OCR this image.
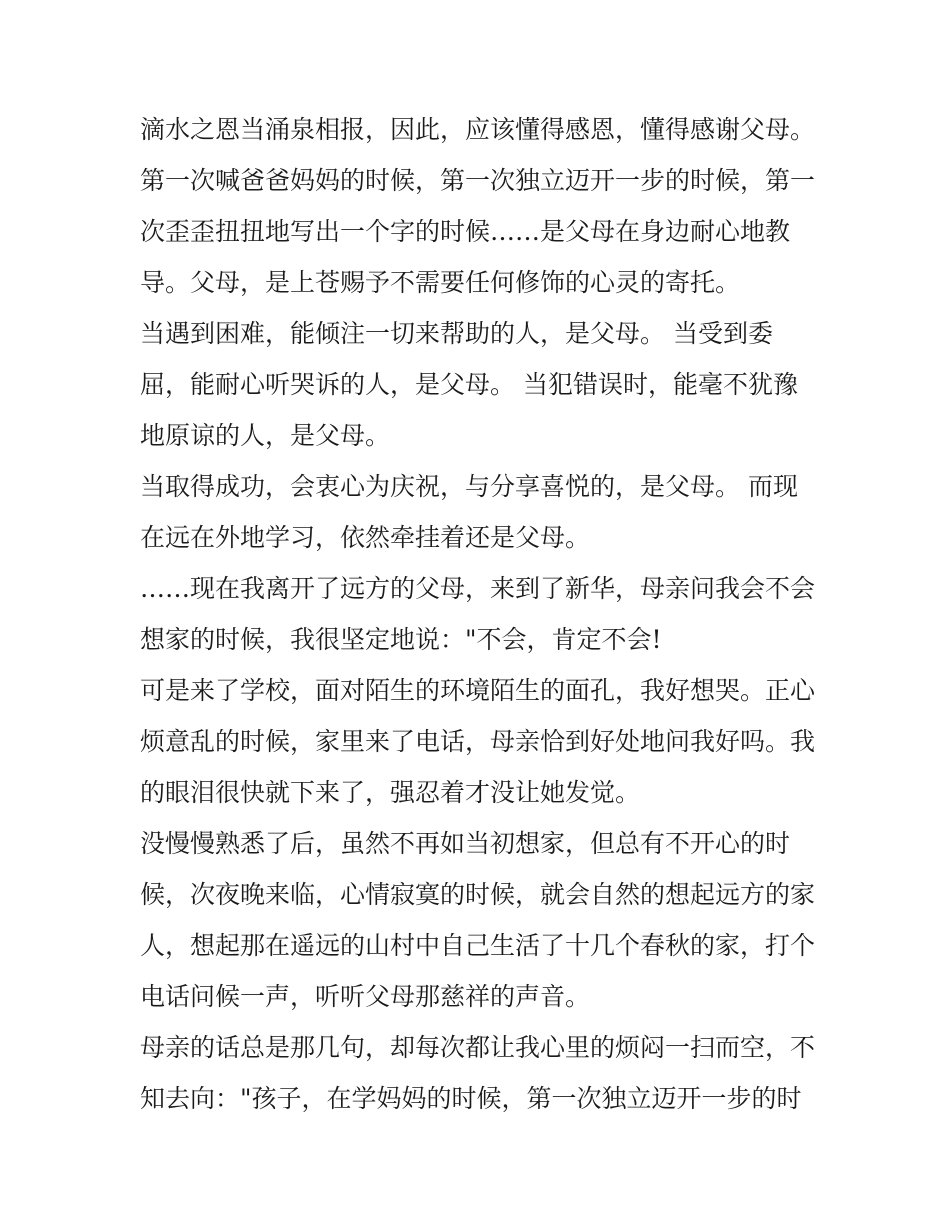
滴水之恩当涌泉相报，因此，应该懂得感恩，懂得感谢父母。

第一次喊爸爸妈妈的时候，第一次独立迈开一步的时候，第一

次歪歪扭扭地写出一个字的时候……是父母在身边耐心地教

导。父母，是上苍赐予不需要任何修饰的心灵的寄托。

当遇到困难，能倾注一切来帮助的人，是父母。 当受到委

屈，能耐心听哭诉的人，是父母。 当犯错误时，能毫不犹豫

地原谅的人，是父母。

当取得成功，会衷心为庆祝，与分享喜悦的，是父母。 而现

在远在外地学习，依然牵挂着还是父母。

……现在我离开了远方的父母，来到了新华，母亲问我会不会

想家的时候，我很坚定地说："不会，肯定不会!

可是来了学校，面对陌生的环境陌生的面孔，我好想哭。正心

烦意乱的时候，家里来了电话，母亲恰到好处地问我好吗。我

的眼泪很快就下来了，强忍着才没让她发觉。

没慢慢熟悉了后，虽然不再如当初想家，但总有不开心的时

候，次夜晚来临，心情寂寞的时候，就会自然的想起远方的家

人，想起那在遥远的山村中自己生活了十几个春秋的家，打个

电话问候一声，听听父母那慈祥的声音。

母亲的话总是那几句，却每次都让我心里的烦闷一扫而空，不

知去向："孩子，在学妈妈的时候，第一次独立迈开一步的时
